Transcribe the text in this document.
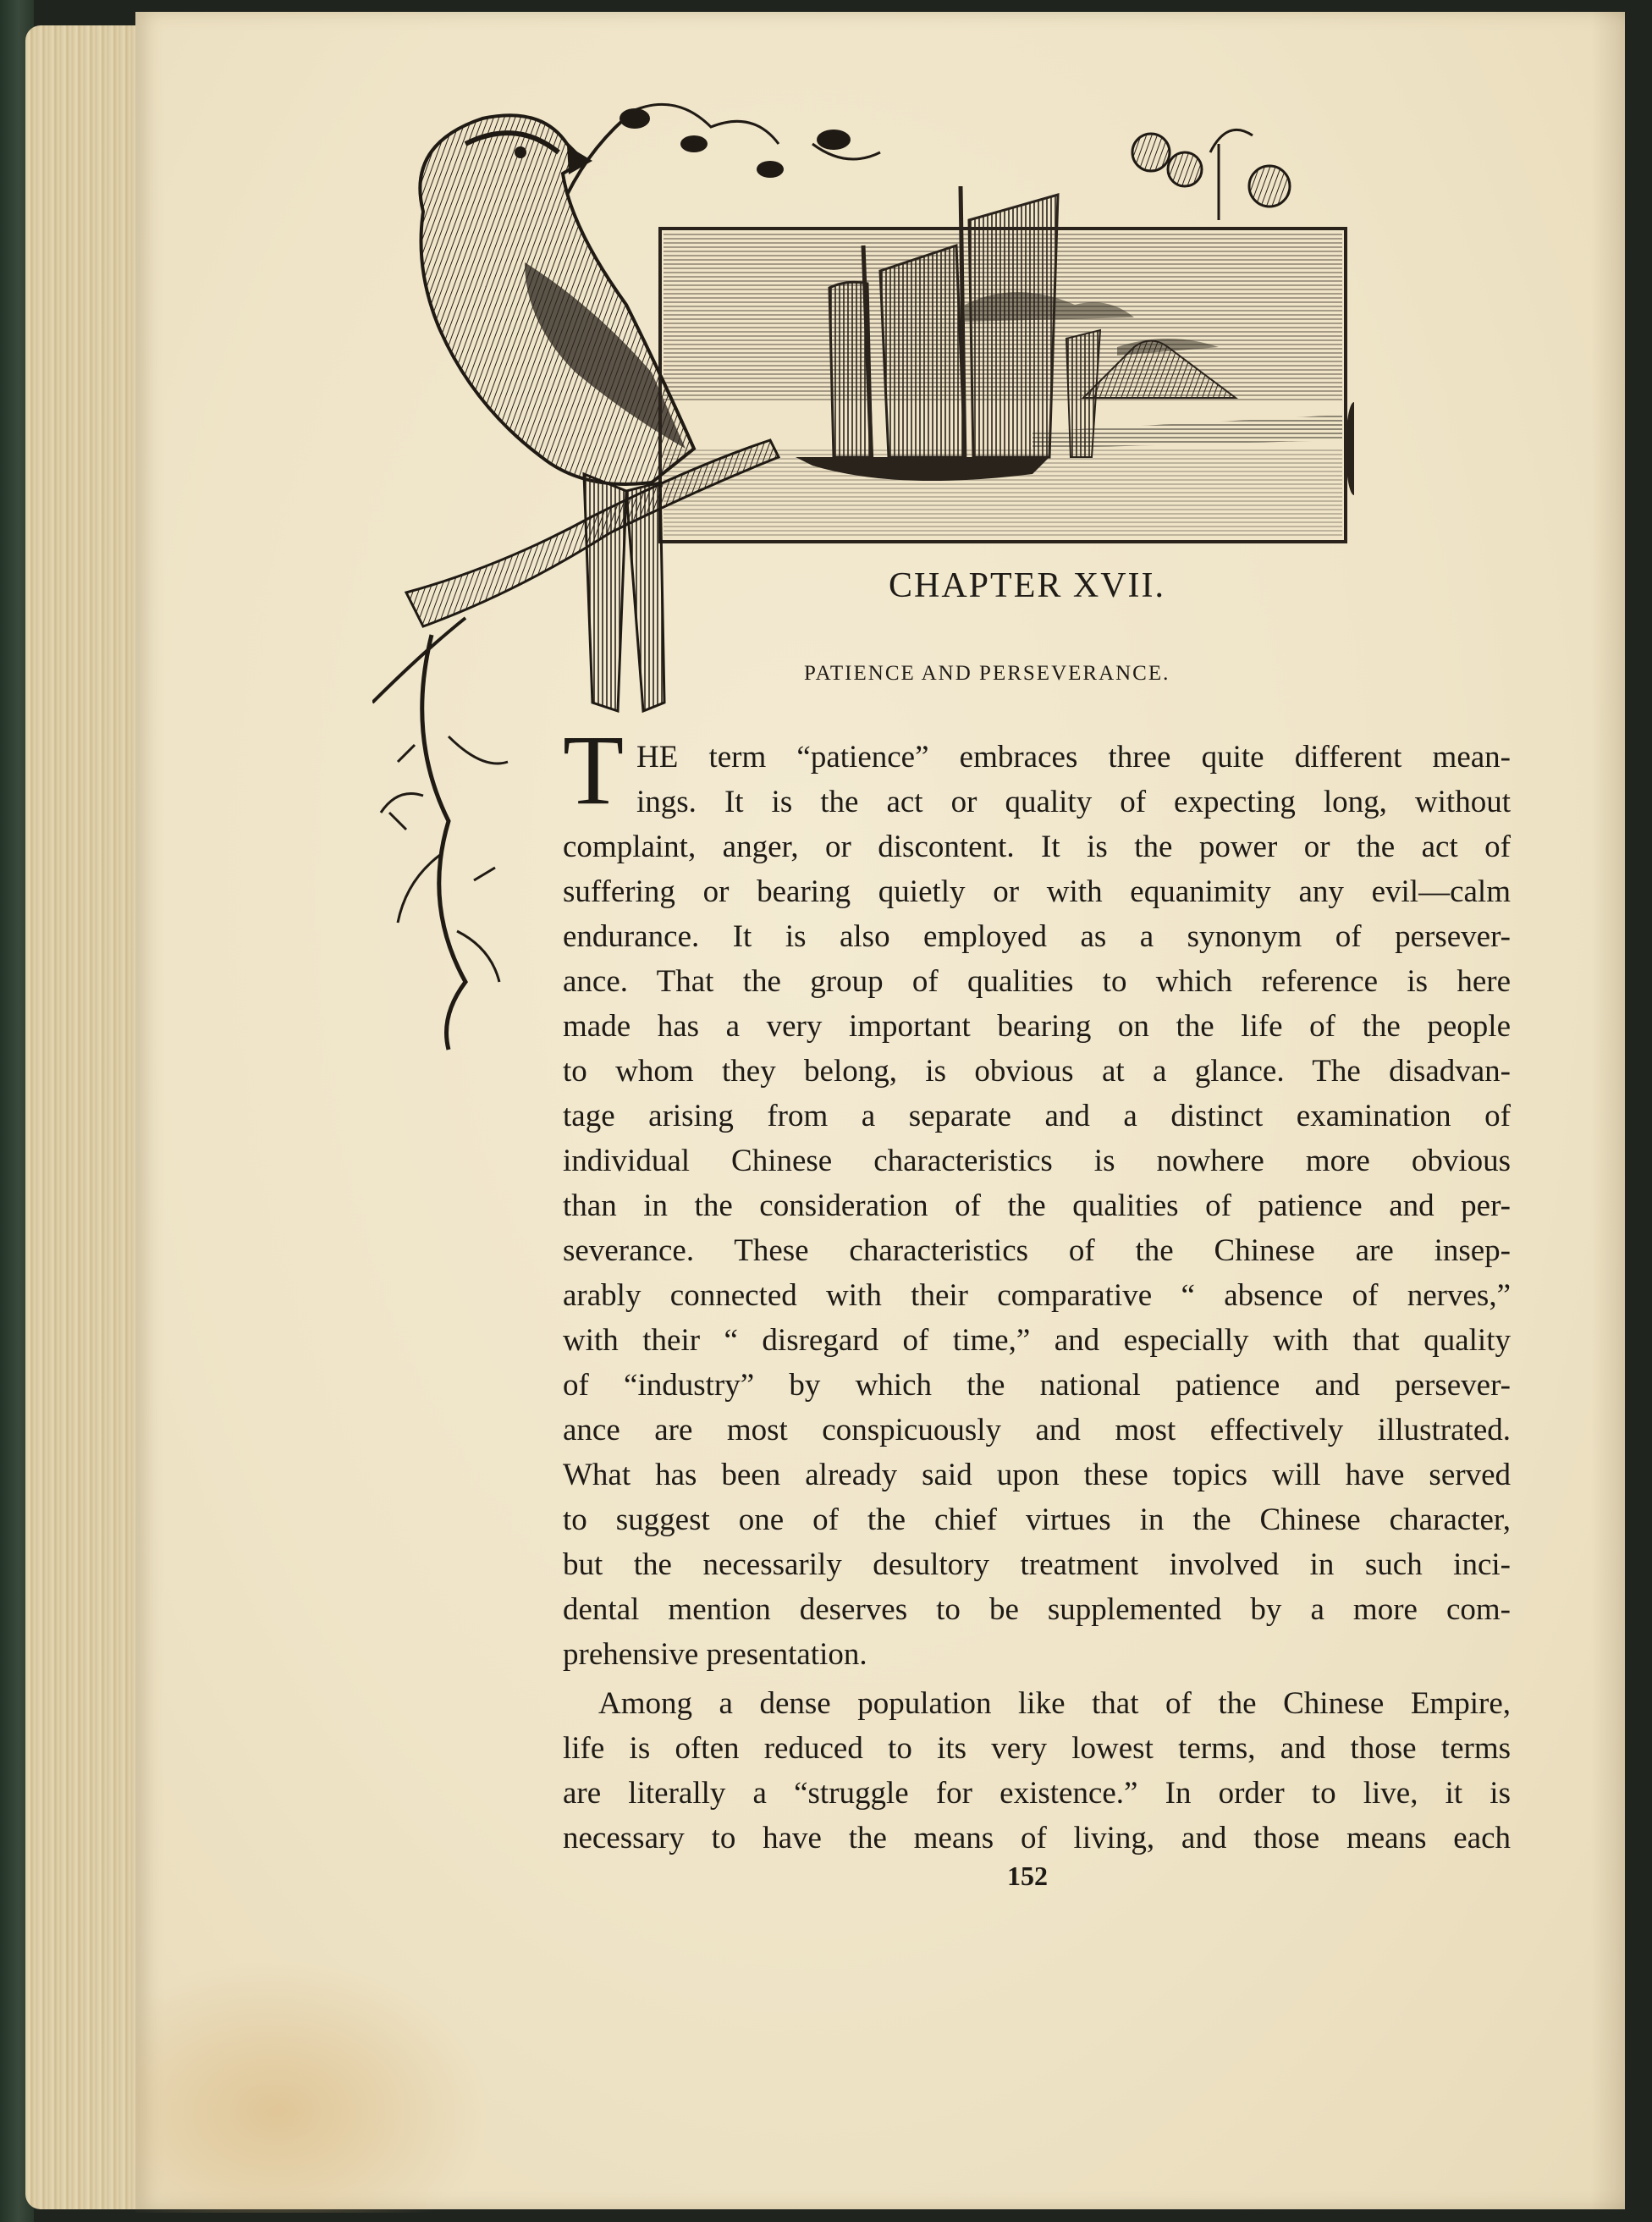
CHAPTER XVII.
PATIENCE AND PERSEVERANCE.
T HE term “patience” embraces three quite different mean-
ings. It is the act or quality of expecting long, without
complaint, anger, or discontent. It is the power or the act of
suffering or bearing quietly or with equanimity any evil—calm
endurance. It is also employed as a synonym of persever-
ance. That the group of qualities to which reference is here
made has a very important bearing on the life of the people
to whom they belong, is obvious at a glance. The disadvan-
tage arising from a separate and a distinct examination of
individual Chinese characteristics is nowhere more obvious
than in the consideration of the qualities of patience and per-
severance. These characteristics of the Chinese are insep-
arably connected with their comparative “ absence of nerves,”
with their “ disregard of time,” and especially with that quality
of “industry” by which the national patience and persever-
ance are most conspicuously and most effectively illustrated.
What has been already said upon these topics will have served
to suggest one of the chief virtues in the Chinese character,
but the necessarily desultory treatment involved in such inci-
dental mention deserves to be supplemented by a more com-
prehensive presentation.
Among a dense population like that of the Chinese Empire,
life is often reduced to its very lowest terms, and those terms
are literally a “struggle for existence.” In order to live, it is
necessary to have the means of living, and those means each
152
